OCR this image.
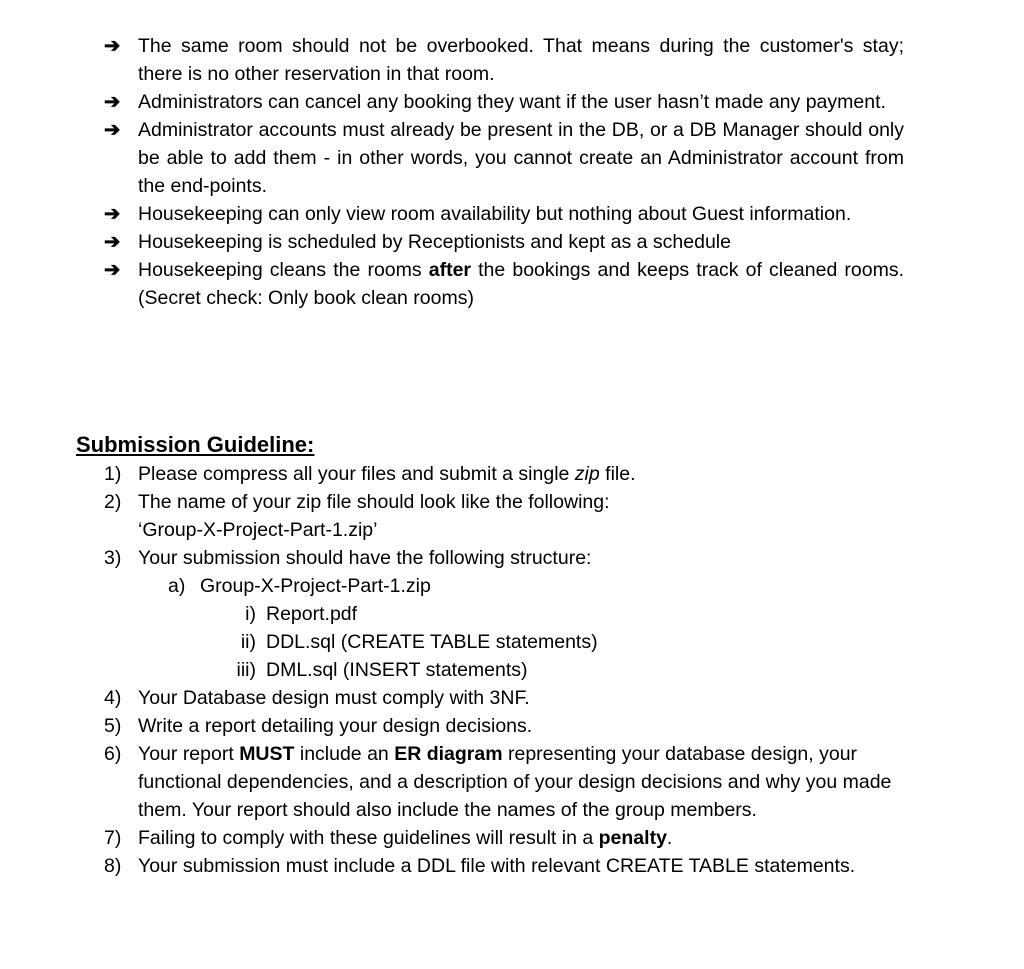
➔ The same room should not be overbooked. That means during the customer's stay; there is no other reservation in that room.
➔ Administrators can cancel any booking they want if the user hasn’t made any payment.
➔ Administrator accounts must already be present in the DB, or a DB Manager should only be able to add them - in other words, you cannot create an Administrator account from the end-points.
➔ Housekeeping can only view room availability but nothing about Guest information.
➔ Housekeeping is scheduled by Receptionists and kept as a schedule
➔ Housekeeping cleans the rooms after the bookings and keeps track of cleaned rooms. (Secret check: Only book clean rooms)
Submission Guideline:
1) Please compress all your files and submit a single zip file.
2) The name of your zip file should look like the following:
‘Group-X-Project-Part-1.zip’
3) Your submission should have the following structure:
a) Group-X-Project-Part-1.zip
i) Report.pdf
ii) DDL.sql (CREATE TABLE statements)
iii) DML.sql (INSERT statements)
4) Your Database design must comply with 3NF.
5) Write a report detailing your design decisions.
6) Your report MUST include an ER diagram representing your database design, your functional dependencies, and a description of your design decisions and why you made them. Your report should also include the names of the group members.
7) Failing to comply with these guidelines will result in a penalty.
8) Your submission must include a DDL file with relevant CREATE TABLE statements.
